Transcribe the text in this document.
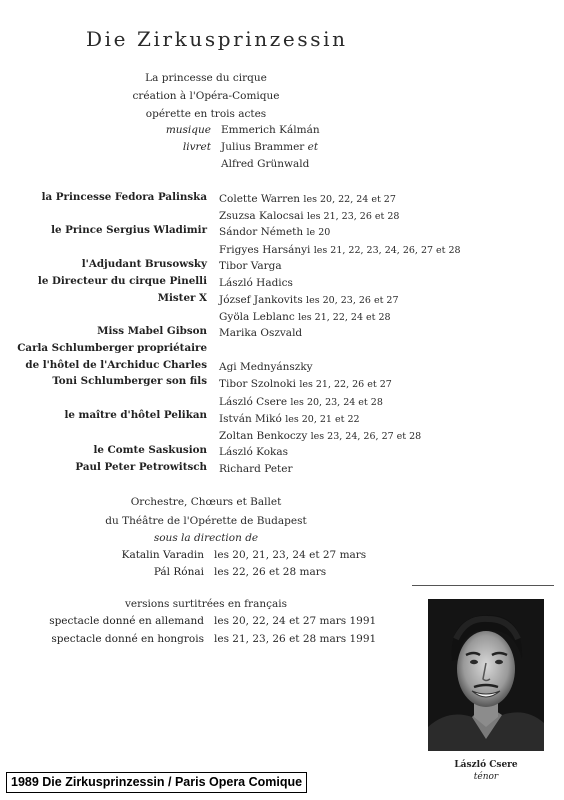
Die Zirkusprinzessin
La princesse du cirque
création à l'Opéra-Comique
opérette en trois actes
musique Emmerich Kálmán
livret Julius Brammer et
Alfred Grünwald
la Princesse Fedora Palinska Colette Warren les 20, 22, 24 et 27
Zsuzsa Kalocsai les 21, 23, 26 et 28
le Prince Sergius Wladimir Sándor Németh le 20
Frigyes Harsányi les 21, 22, 23, 24, 26, 27 et 28
l'Adjudant Brusowsky Tibor Varga
le Directeur du cirque Pinelli László Hadics
Mister X József Jankovits les 20, 23, 26 et 27
Gyöla Leblanc les 21, 22, 24 et 28
Miss Mabel Gibson Marika Oszvald
Carla Schlumberger propriétaire
de l'hôtel de l'Archiduc Charles Agi Mednyánszky
Toni Schlumberger son fils Tibor Szolnoki les 21, 22, 26 et 27
László Csere les 20, 23, 24 et 28
le maître d'hôtel Pelikan István Mikó les 20, 21 et 22
Zoltan Benkoczy les 23, 24, 26, 27 et 28
le Comte Saskusion László Kokas
Paul Peter Petrowitsch Richard Peter
Orchestre, Chœurs et Ballet
du Théâtre de l'Opérette de Budapest
sous la direction de
Katalin Varadin les 20, 21, 23, 24 et 27 mars
Pál Rónai les 22, 26 et 28 mars
versions surtitrées en français
spectacle donné en allemand les 20, 22, 24 et 27 mars 1991
spectacle donné en hongrois les 21, 23, 26 et 28 mars 1991
László Csere
ténor
1989 Die Zirkusprinzessin / Paris Opera Comique
